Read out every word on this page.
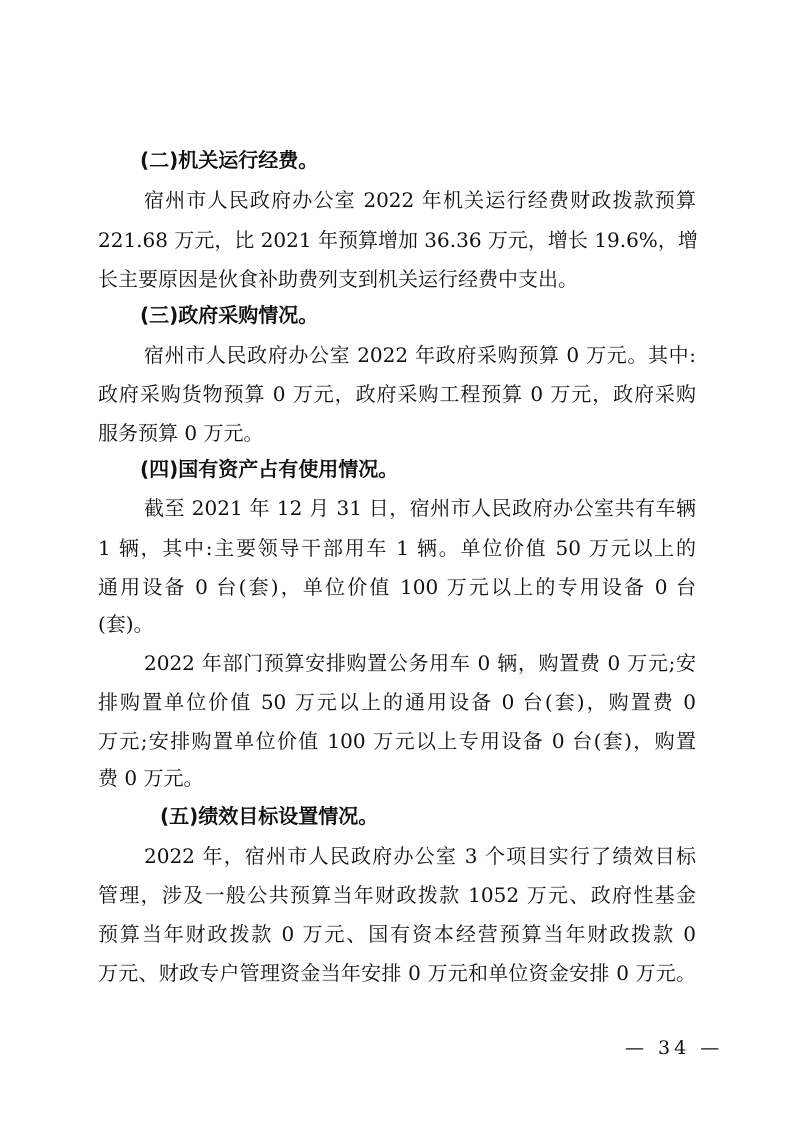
(二)机关运行经费。
宿州市人民政府办公室 2022 年机关运行经费财政拨款预算
221.68 万元，比 2021 年预算增加 36.36 万元，增长 19.6%，增
长主要原因是伙食补助费列支到机关运行经费中支出。
(三)政府采购情况。
宿州市人民政府办公室 2022 年政府采购预算 0 万元。其中:
政府采购货物预算 0 万元，政府采购工程预算 0 万元，政府采购
服务预算 0 万元。
(四)国有资产占有使用情况。
截至 2021 年 12 月 31 日，宿州市人民政府办公室共有车辆
1 辆，其中:主要领导干部用车 1 辆。单位价值 50 万元以上的
通用设备 0 台(套)，单位价值 100 万元以上的专用设备 0 台
(套)。
2022 年部门预算安排购置公务用车 0 辆，购置费 0 万元;安
排购置单位价值 50 万元以上的通用设备 0 台(套)，购置费 0
万元;安排购置单位价值 100 万元以上专用设备 0 台(套)，购置
费 0 万元。
(五)绩效目标设置情况。
2022 年，宿州市人民政府办公室 3 个项目实行了绩效目标
管理，涉及一般公共预算当年财政拨款 1052 万元、政府性基金
预算当年财政拨款 0 万元、国有资本经营预算当年财政拨款 0
万元、财政专户管理资金当年安排 0 万元和单位资金安排 0 万元。
— 34 —
